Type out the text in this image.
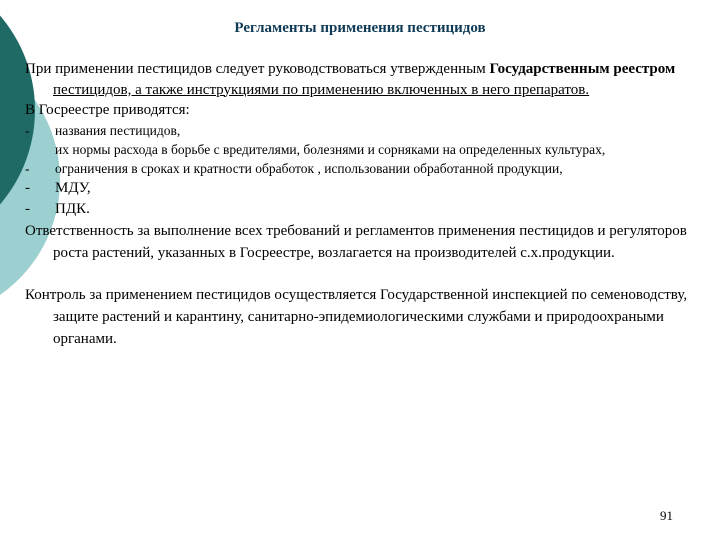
Регламенты применения пестицидов

При применении пестицидов следует руководствоваться утвержденным Государственным реестром пестицидов, а также инструкциями по применению включенных в него препаратов.

В Госреестре приводятся:

- названия пестицидов,
их нормы расхода в борьбе с вредителями, болезнями и сорняками на определенных культурах,
- ограничения в сроках и кратности обработок , использовании обработанной продукции,
- МДУ,
- ПДК.

Ответственность за выполнение всех требований и регламентов применения пестицидов и регуляторов роста растений, указанных в Госреестре, возлагается на производителей с.х.продукции.

Контроль за применением пестицидов осуществляется Государственной инспекцией по семеноводству, защите растений и карантину, санитарно-эпидемиологическими службами и природоохраными органами.

91
